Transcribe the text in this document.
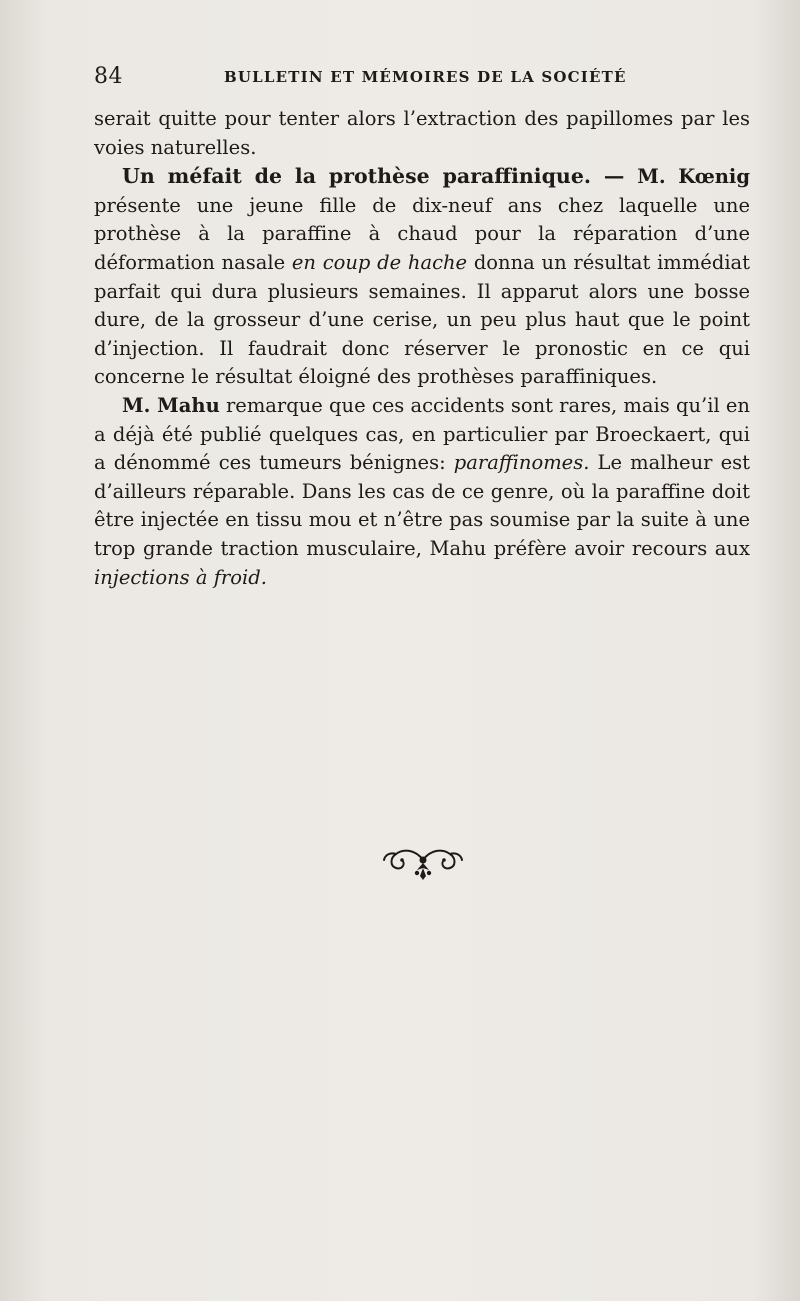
84	BULLETIN ET MÉMOIRES DE LA SOCIÉTÉ

serait quitte pour tenter alors l’extraction des papillomes par les voies naturelles.

Un méfait de la prothèse paraffinique. — M. Kœnig présente une jeune fille de dix-neuf ans chez laquelle une prothèse à la paraffine à chaud pour la réparation d’une déformation nasale en coup de hache donna un résultat immédiat parfait qui dura plusieurs semaines. Il apparut alors une bosse dure, de la grosseur d’une cerise, un peu plus haut que le point d’injection. Il faudrait donc réserver le pronostic en ce qui concerne le résultat éloigné des prothèses paraffiniques.

M. Mahu remarque que ces accidents sont rares, mais qu’il en a déjà été publié quelques cas, en particulier par Broeckaert, qui a dénommé ces tumeurs bénignes: paraffinomes. Le malheur est d’ailleurs réparable. Dans les cas de ce genre, où la paraffine doit être injectée en tissu mou et n’être pas soumise par la suite à une trop grande traction musculaire, Mahu préfère avoir recours aux injections à froid.
